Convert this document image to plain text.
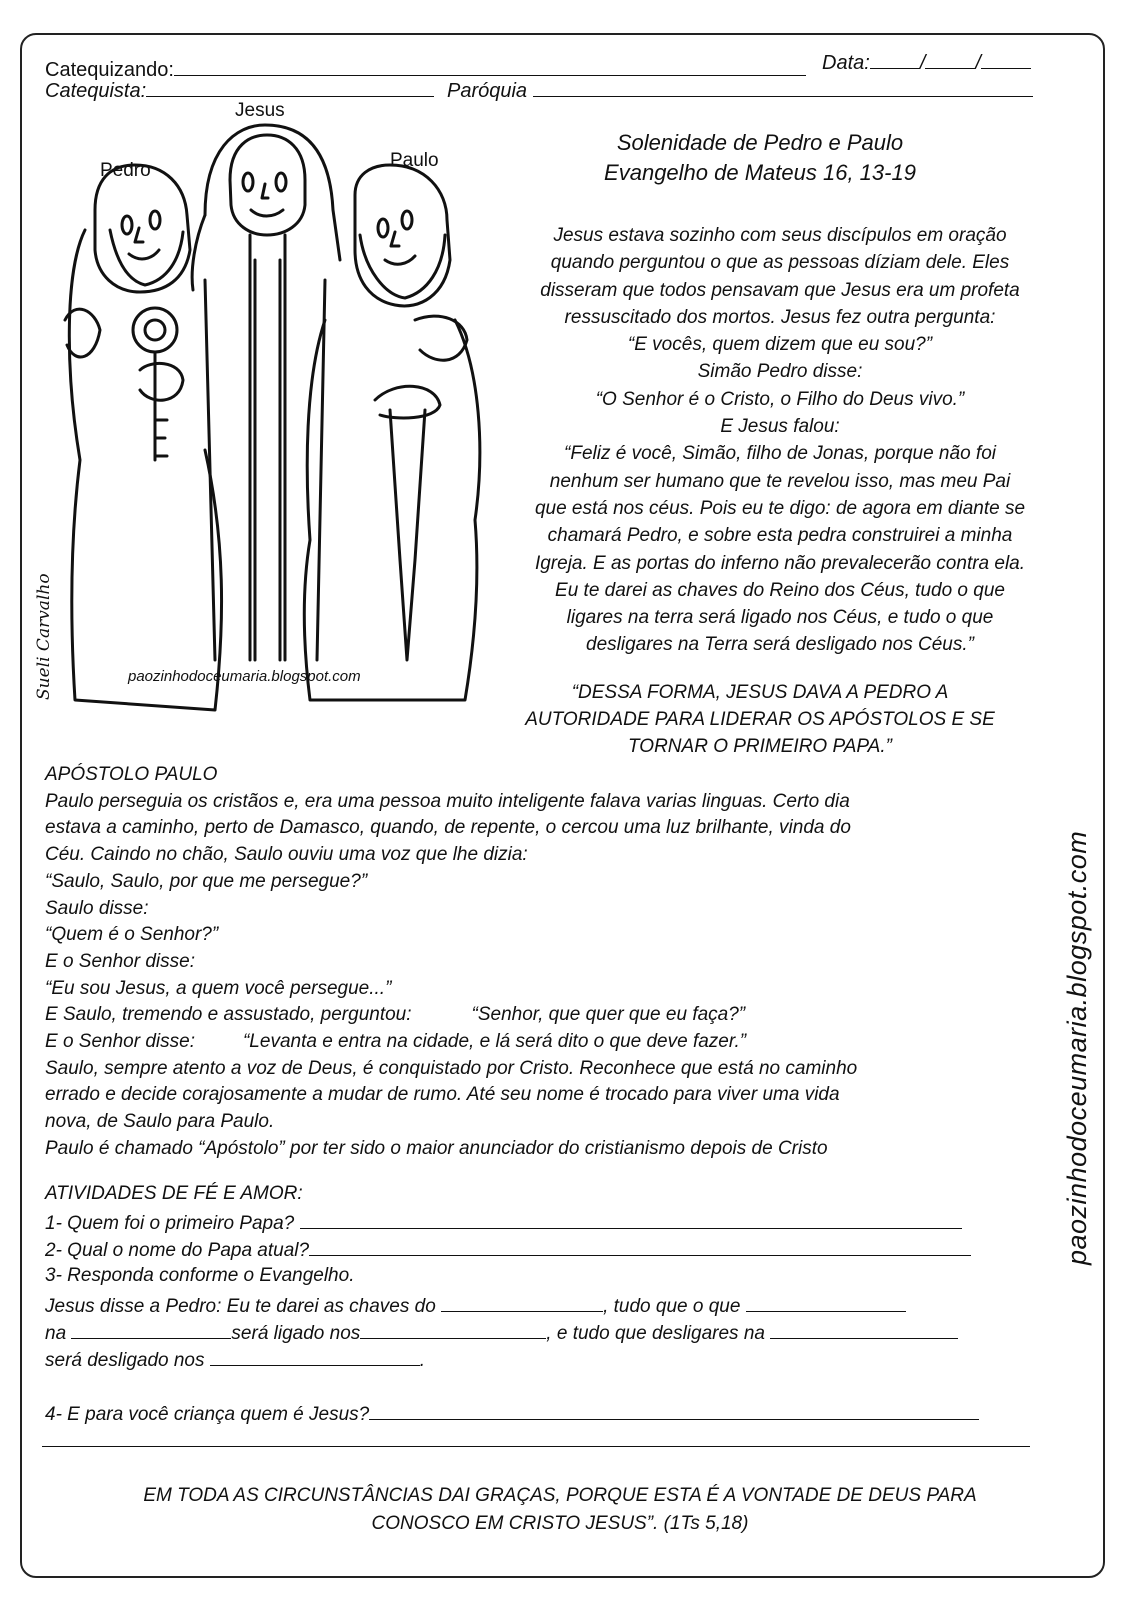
Catequizando:	Data:	/	/
Catequista:	Paróquia
Jesus
Pedro	Paulo
paozinhodoceumaria.blogspot.com
Sueli Carvalho
Solenidade de Pedro e Paulo
Evangelho de Mateus 16, 13-19
Jesus estava sozinho com seus discípulos em oração
quando perguntou o que as pessoas díziam dele. Eles
disseram que todos pensavam que Jesus era um profeta
ressuscitado dos mortos. Jesus fez outra pergunta:
“E vocês, quem dizem que eu sou?”
Simão Pedro disse:
“O Senhor é o Cristo, o Filho do Deus vivo.”
E Jesus falou:
“Feliz é você, Simão, filho de Jonas, porque não foi
nenhum ser humano que te revelou isso, mas meu Pai
que está nos céus. Pois eu te digo: de agora em diante se
chamará Pedro, e sobre esta pedra construirei a minha
Igreja. E as portas do inferno não prevalecerão contra ela.
Eu te darei as chaves do Reino dos Céus, tudo o que
ligares na terra será ligado nos Céus, e tudo o que
desligares na Terra será desligado nos Céus.”
“DESSA FORMA, JESUS DAVA A PEDRO A
AUTORIDADE PARA LIDERAR OS APÓSTOLOS E SE
TORNAR O PRIMEIRO PAPA.”
APÓSTOLO PAULO
Paulo perseguia os cristãos e, era uma pessoa muito inteligente falava varias linguas. Certo dia
estava a caminho, perto de Damasco, quando, de repente, o cercou uma luz brilhante, vinda do
Céu. Caindo no chão, Saulo ouviu uma voz que lhe dizia:
“Saulo, Saulo, por que me persegue?”
Saulo disse:
“Quem é o Senhor?”
E o Senhor disse:
“Eu sou Jesus, a quem você persegue...”
E Saulo, tremendo e assustado, perguntou:	“Senhor, que quer que eu faça?”
E o Senhor disse:	“Levanta e entra na cidade, e lá será dito o que deve fazer.”
Saulo, sempre atento a voz de Deus, é conquistado por Cristo. Reconhece que está no caminho
errado e decide corajosamente a mudar de rumo. Até seu nome é trocado para viver uma vida
nova, de Saulo para Paulo.
Paulo é chamado “Apóstolo” por ter sido o maior anunciador do cristianismo depois de Cristo
ATIVIDADES DE FÉ E AMOR:
1- Quem foi o primeiro Papa?
2- Qual o nome do Papa atual?
3- Responda conforme o Evangelho.
Jesus disse a Pedro: Eu te darei as chaves do	, tudo que o que
na	será ligado nos	, e tudo que desligares na
será desligado nos	.
4- E para você criança quem é Jesus?
EM TODA AS CIRCUNSTÂNCIAS DAI GRAÇAS, PORQUE ESTA É A VONTADE DE DEUS PARA
CONOSCO EM CRISTO JESUS”. (1Ts 5,18)
paozinhodoceumaria.blogspot.com
